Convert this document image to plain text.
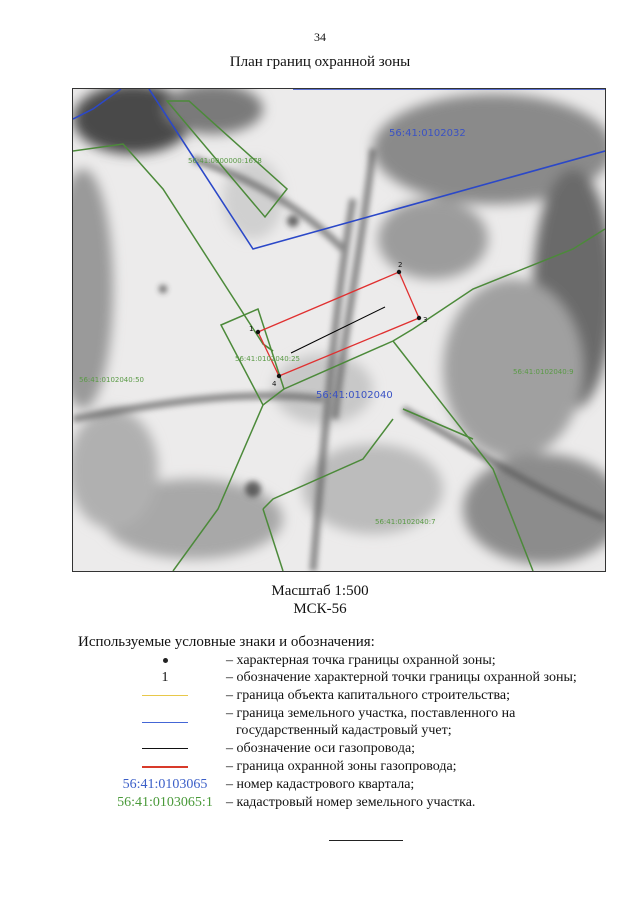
34
План границ охранной зоны
1
2
3
4
56:41:0102032
56:41:0102040
56:41:0000000:1678
56:41:0102040:25
56:41:0102040:50
56:41:0102040:9
56:41:0102040:7
Масштаб 1:500
МСК-56
Используемые условные знаки и обозначения:
– характерная точка границы охранной зоны;
1	– обозначение характерной точки границы охранной зоны;
– граница объекта капитального строительства;
– граница земельного участка, поставленного на
государственный кадастровый учет;
– обозначение оси газопровода;
– граница охранной зоны газопровода;
56:41:0103065	– номер кадастрового квартала;
56:41:0103065:1 – кадастровый номер земельного участка.
